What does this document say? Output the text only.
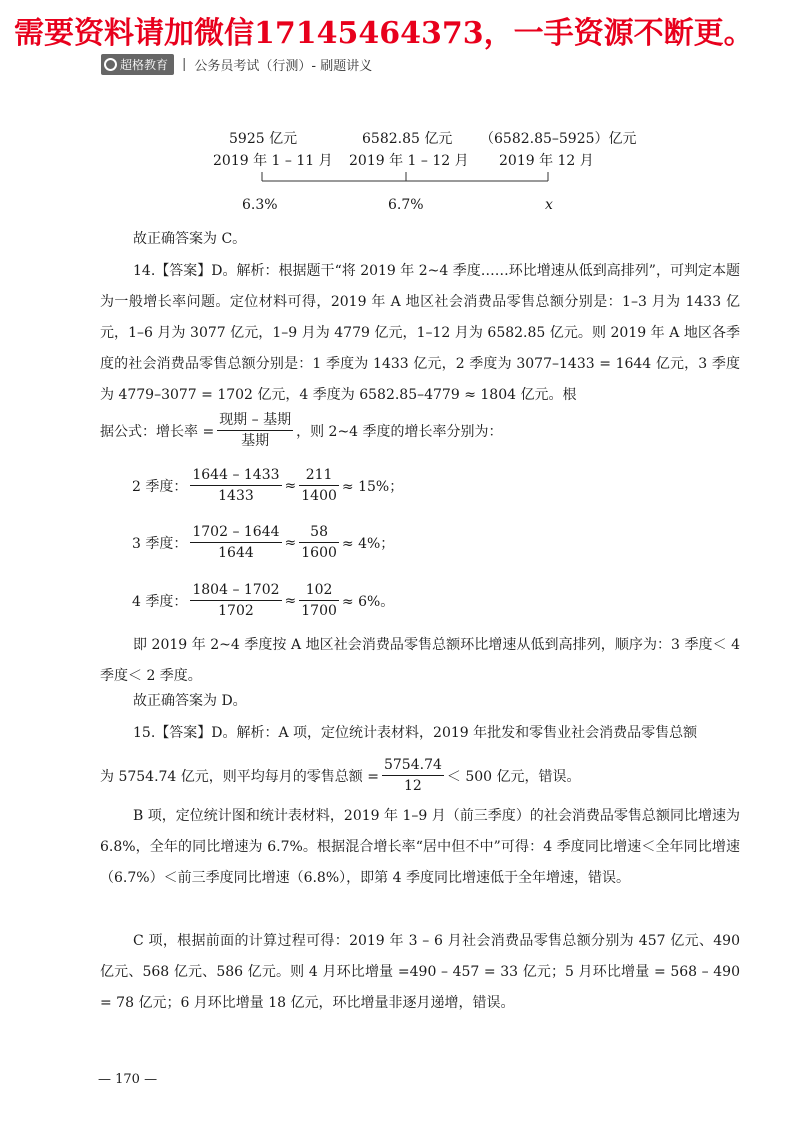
需要资料请加微信17145464373，一手资源不断更。
超格教育 | 公务员考试（行测）- 刷题讲义
5925 亿元
2019 年 1 – 11 月
6582.85 亿元
2019 年 1 – 12 月
（6582.85–5925）亿元
2019 年 12 月
6.3%	6.7%	x
故正确答案为 C。
14.【答案】D。解析：根据题干“将 2019 年 2~4 季度……环比增速从低到高排列”，可判定本题为一般增长率问题。定位材料可得，2019 年 A 地区社会消费品零售总额分别是：1–3 月为 1433 亿元，1–6 月为 3077 亿元，1–9 月为 4779 亿元，1–12 月为 6582.85 亿元。则 2019 年 A 地区各季度的社会消费品零售总额分别是：1 季度为 1433 亿元，2 季度为 3077–1433 = 1644 亿元，3 季度为 4779–3077 = 1702 亿元，4 季度为 6582.85–4779 ≈ 1804 亿元。根
据公式：增长率 = $\frac{\text{现期 – 基期}}{\text{基期}}$ ，则 2~4 季度的增长率分别为：
2 季度： $\frac{1644 - 1433}{1433} \approx \frac{211}{1400} \approx 15\%$；
3 季度： $\frac{1702 - 1644}{1644} \approx \frac{58}{1600} \approx 4\%$；
4 季度： $\frac{1804 - 1702}{1702} \approx \frac{102}{1700} \approx 6\%$。
即 2019 年 2~4 季度按 A 地区社会消费品零售总额环比增速从低到高排列，顺序为：3 季度＜ 4 季度＜ 2 季度。
故正确答案为 D。
15.【答案】D。解析：A 项，定位统计表材料，2019 年批发和零售业社会消费品零售总额
为 5754.74 亿元，则平均每月的零售总额 = $\frac{5754.74}{12} < 500$ 亿元，错误。
B 项，定位统计图和统计表材料，2019 年 1–9 月（前三季度）的社会消费品零售总额同比增速为 6.8%，全年的同比增速为 6.7%。根据混合增长率“居中但不中”可得：4 季度同比增速＜全年同比增速（6.7%）＜前三季度同比增速（6.8%），即第 4 季度同比增速低于全年增速，错误。
C 项，根据前面的计算过程可得：2019 年 3 – 6 月社会消费品零售总额分别为 457 亿元、490 亿元、568 亿元、586 亿元。则 4 月环比增量 =490 – 457 = 33 亿元；5 月环比增量 = 568 – 490 = 78 亿元；6 月环比增量 18 亿元，环比增量非逐月递增，错误。
— 170 —
